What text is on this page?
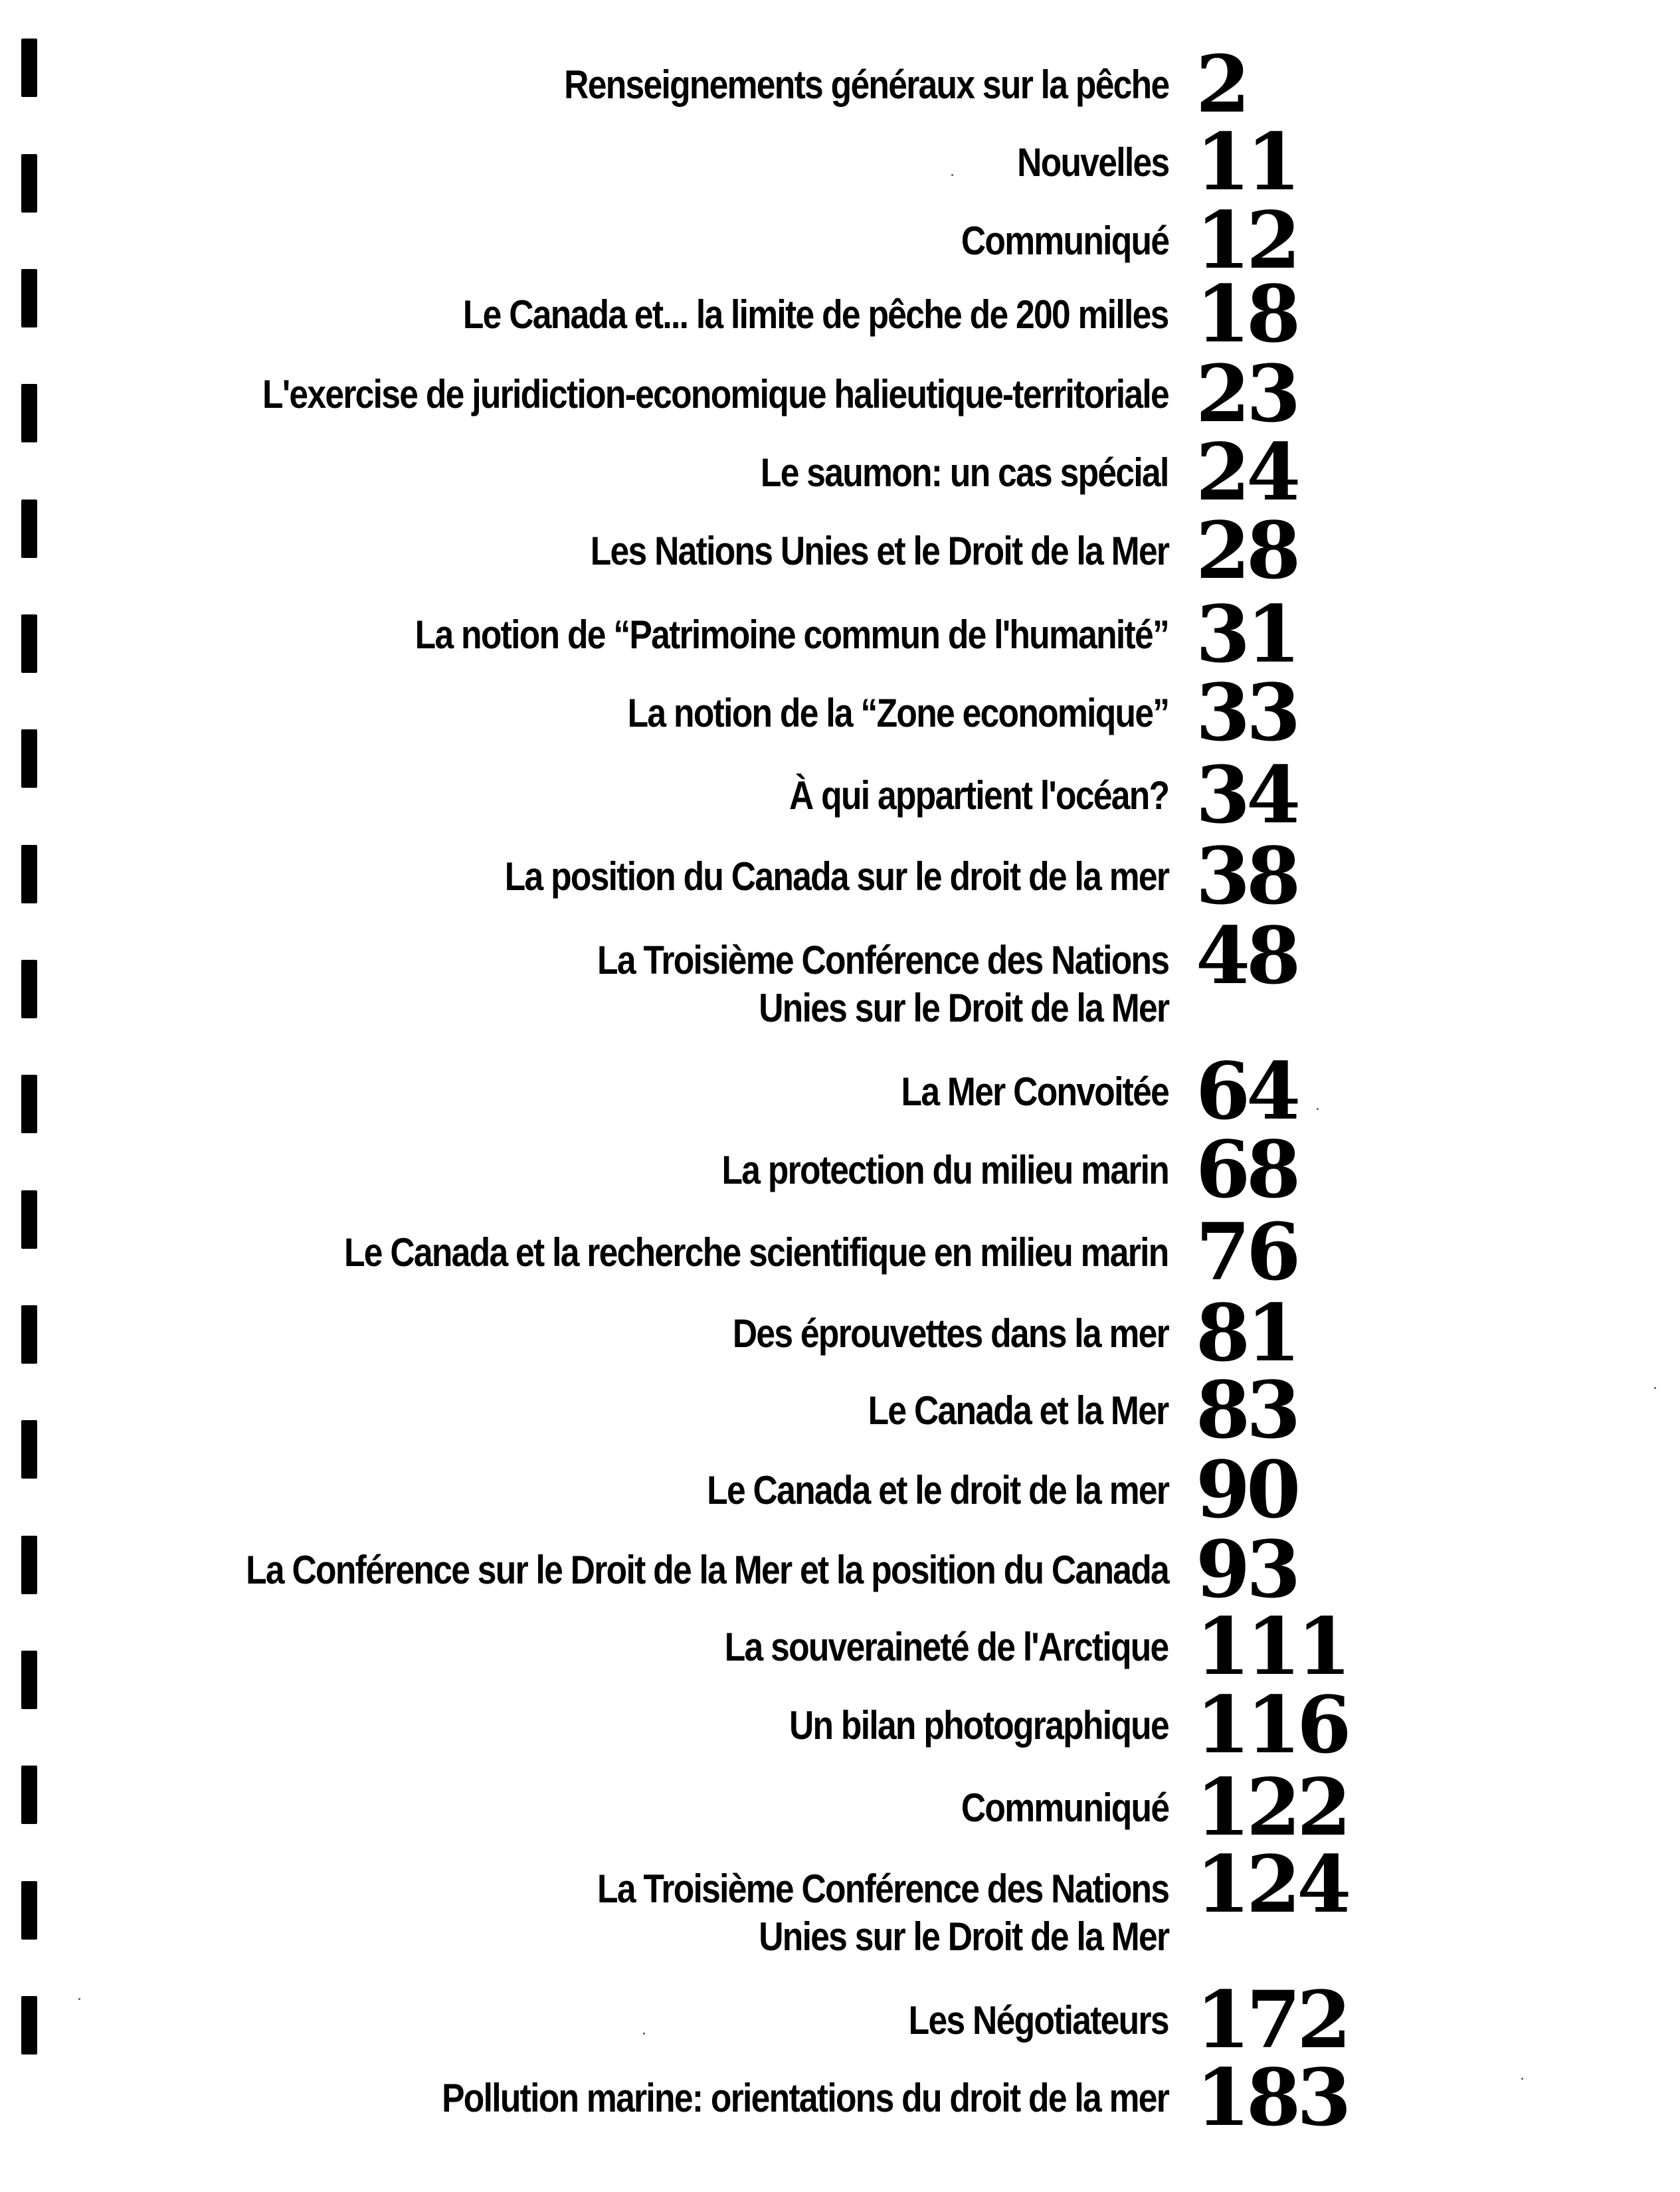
Renseignements généraux sur la pêche 2
Nouvelles 11
Communiqué 12
Le Canada et... la limite de pêche de 200 milles 18
L'exercise de juridiction-economique halieutique-territoriale 23
Le saumon: un cas spécial 24
Les Nations Unies et le Droit de la Mer 28
La notion de “Patrimoine commun de l'humanité” 31
La notion de la “Zone economique” 33
À qui appartient l'océan? 34
La position du Canada sur le droit de la mer 38
La Troisième Conférence des Nations
Unies sur le Droit de la Mer
48
La Mer Convoitée 64
La protection du milieu marin 68
Le Canada et la recherche scientifique en milieu marin 76
Des éprouvettes dans la mer 81
Le Canada et la Mer 83
Le Canada et le droit de la mer 90
La Conférence sur le Droit de la Mer et la position du Canada 93
La souveraineté de l'Arctique 111
Un bilan photographique 116
Communiqué 122
La Troisième Conférence des Nations
Unies sur le Droit de la Mer
124
Les Négotiateurs 172
Pollution marine: orientations du droit de la mer 183
